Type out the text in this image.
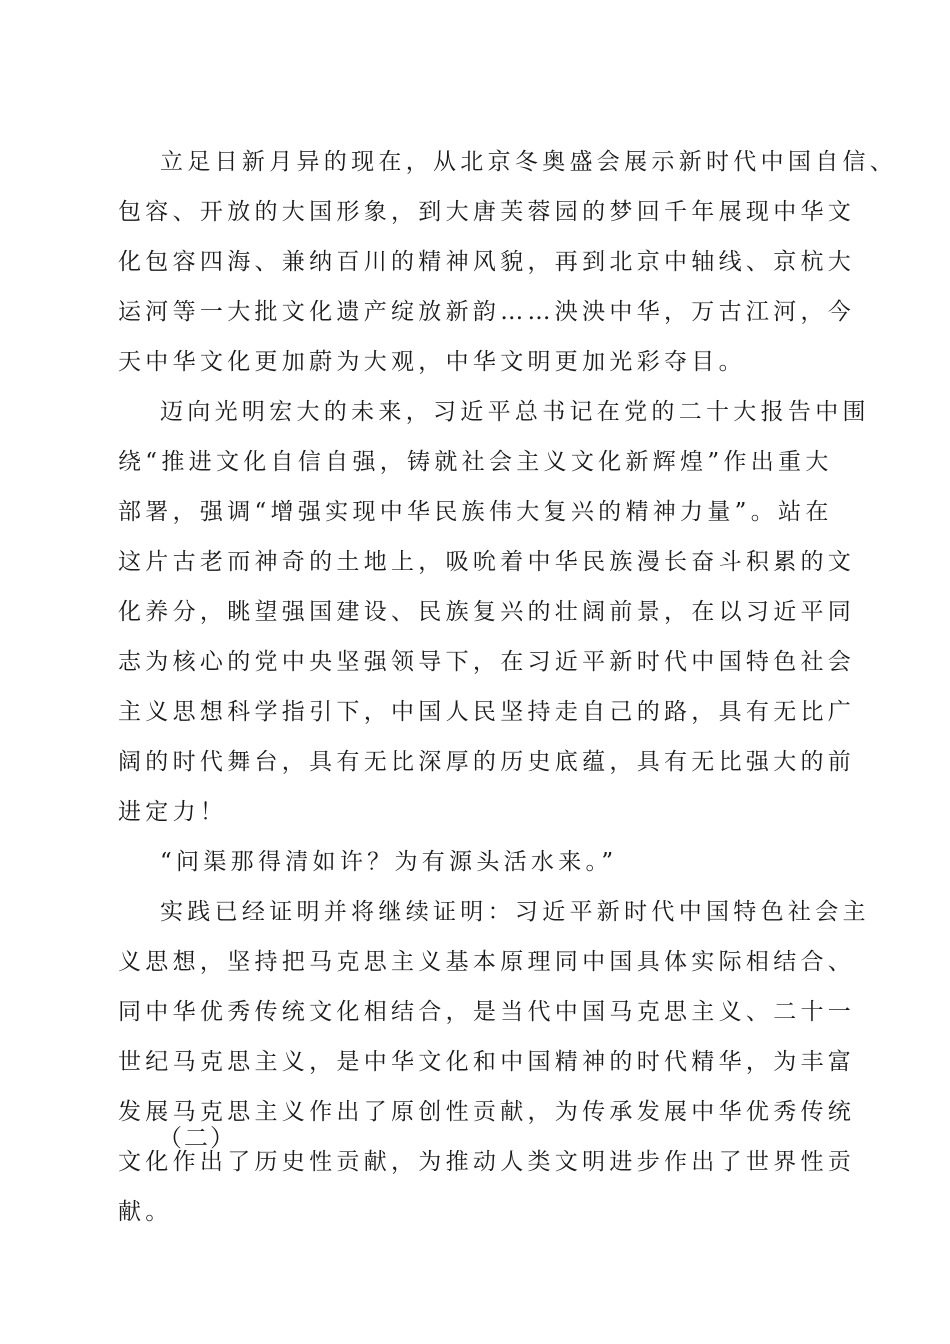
立足日新月异的现在，从北京冬奥盛会展示新时代中国自信、
包容、开放的大国形象，到大唐芙蓉园的梦回千年展现中华文
化包容四海、兼纳百川的精神风貌，再到北京中轴线、京杭大
运河等一大批文化遗产绽放新韵……泱泱中华，万古江河，今
天中华文化更加蔚为大观，中华文明更加光彩夺目。
迈向光明宏大的未来，习近平总书记在党的二十大报告中围
绕“推进文化自信自强，铸就社会主义文化新辉煌”作出重大
部署，强调“增强实现中华民族伟大复兴的精神力量”。站在
这片古老而神奇的土地上，吸吮着中华民族漫长奋斗积累的文
化养分，眺望强国建设、民族复兴的壮阔前景，在以习近平同
志为核心的党中央坚强领导下，在习近平新时代中国特色社会
主义思想科学指引下，中国人民坚持走自己的路，具有无比广
阔的时代舞台，具有无比深厚的历史底蕴，具有无比强大的前
进定力！
“问渠那得清如许？为有源头活水来。”
实践已经证明并将继续证明：习近平新时代中国特色社会主
义思想，坚持把马克思主义基本原理同中国具体实际相结合、
同中华优秀传统文化相结合，是当代中国马克思主义、二十一
世纪马克思主义，是中华文化和中国精神的时代精华，为丰富
发展马克思主义作出了原创性贡献，为传承发展中华优秀传统
文化作出了历史性贡献，为推动人类文明进步作出了世界性贡
献。
（二）
